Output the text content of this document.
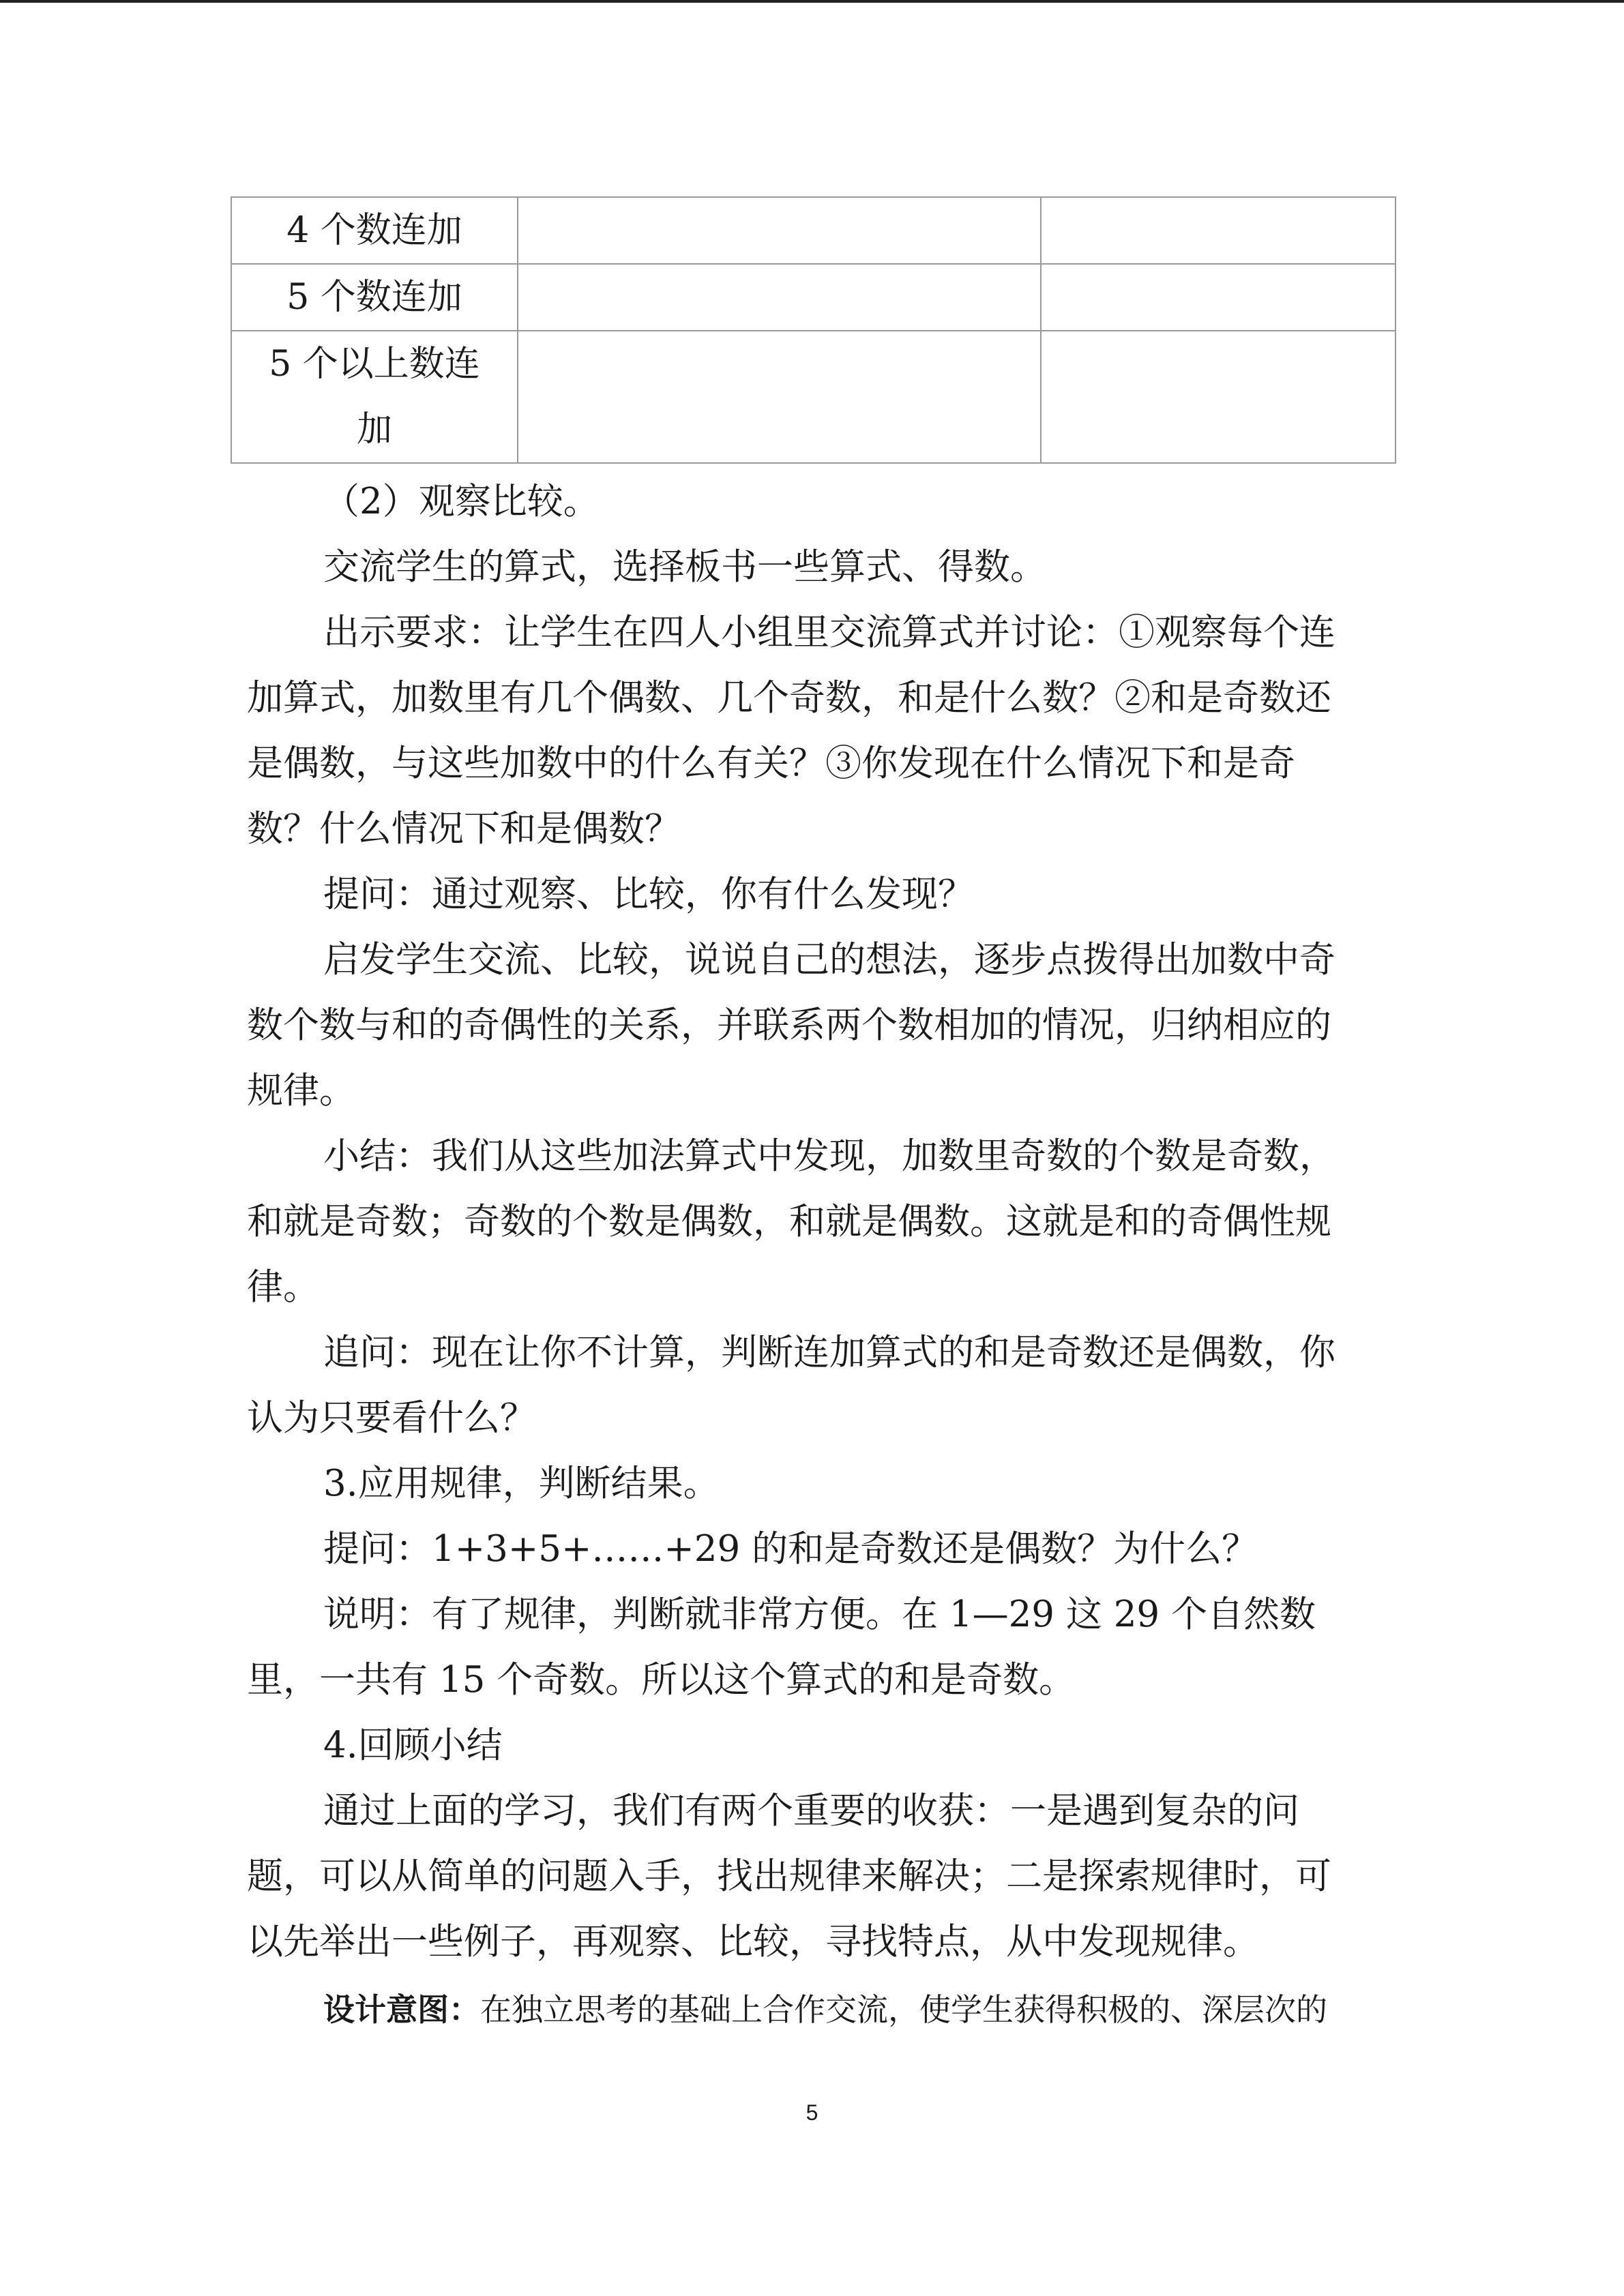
4 个数连加		
5 个数连加		
5 个以上数连加		

（2）观察比较。

交流学生的算式，选择板书一些算式、得数。

出示要求：让学生在四人小组里交流算式并讨论：①观察每个连加算式，加数里有几个偶数、几个奇数，和是什么数？②和是奇数还是偶数，与这些加数中的什么有关？③你发现在什么情况下和是奇数？什么情况下和是偶数？

提问：通过观察、比较，你有什么发现？

启发学生交流、比较，说说自己的想法，逐步点拨得出加数中奇数个数与和的奇偶性的关系，并联系两个数相加的情况，归纳相应的规律。

小结：我们从这些加法算式中发现，加数里奇数的个数是奇数，和就是奇数；奇数的个数是偶数，和就是偶数。这就是和的奇偶性规律。

追问：现在让你不计算，判断连加算式的和是奇数还是偶数，你认为只要看什么？

3.应用规律，判断结果。

提问：1+3+5+……+29 的和是奇数还是偶数？为什么？

说明：有了规律，判断就非常方便。在 1—29 这 29 个自然数里，一共有 15 个奇数。所以这个算式的和是奇数。

4.回顾小结

通过上面的学习，我们有两个重要的收获：一是遇到复杂的问题，可以从简单的问题入手，找出规律来解决；二是探索规律时，可以先举出一些例子，再观察、比较，寻找特点，从中发现规律。

设计意图：在独立思考的基础上合作交流，使学生获得积极的、深层次的
5
